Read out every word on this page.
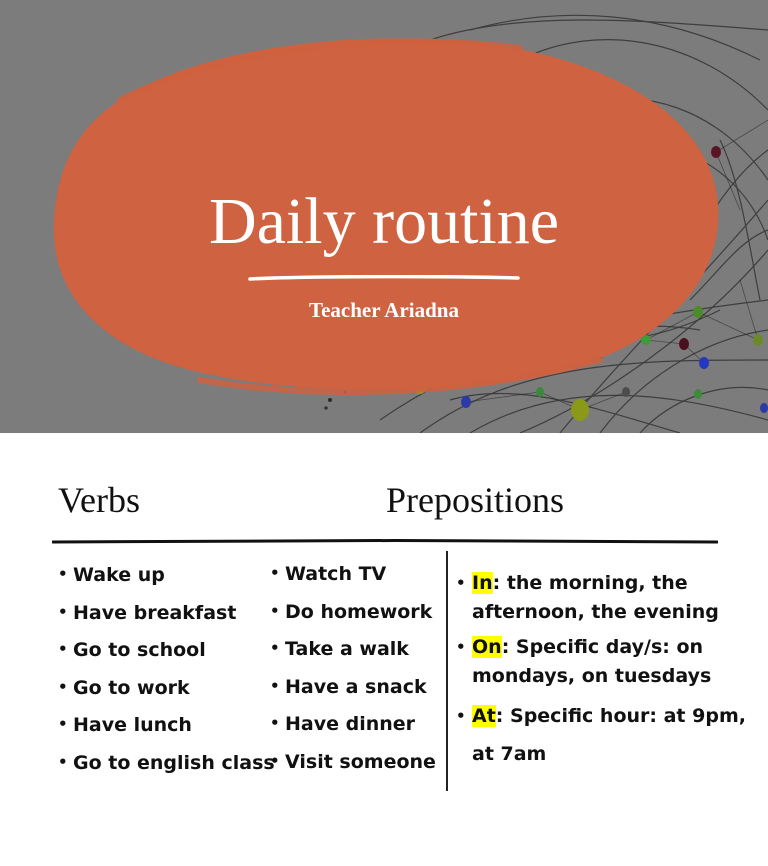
Daily routine
Teacher Ariadna
Verbs	Prepositions
• Wake up
• Have breakfast
• Go to school
• Go to work
• Have lunch
• Go to english class
• Watch TV
• Do homework
• Take a walk
• Have a snack
• Have dinner
• Visit someone
• In: the morning, the afternoon, the evening
• On: Specific day/s: on mondays, on tuesdays
• At: Specific hour: at 9pm, at 7am
